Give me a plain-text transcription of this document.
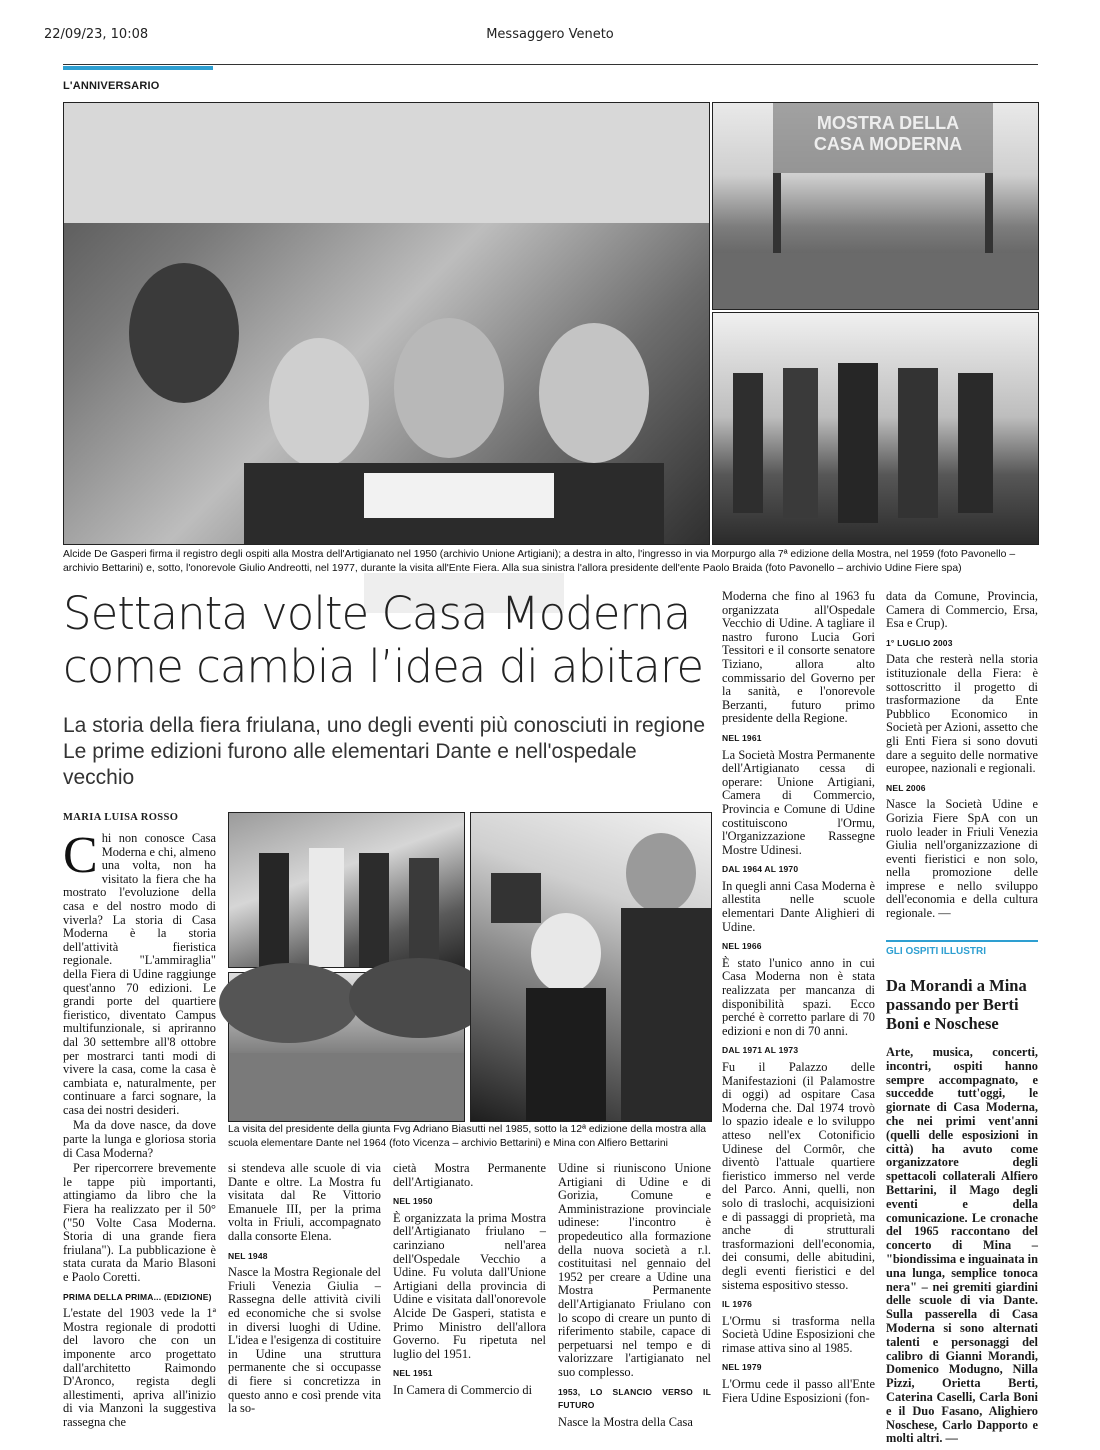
22/09/23, 10:08	Messaggero Veneto
L'ANNIVERSARIO
MOSTRA DELLA CASA MODERNA
Alcide De Gasperi firma il registro degli ospiti alla Mostra dell'Artigianato nel 1950 (archivio Unione Artigiani); a destra in alto, l'ingresso in via Morpurgo alla 7ª edizione della Mostra, nel 1959 (foto Pavonello – archivio Bettarini) e, sotto, l'onorevole Giulio Andreotti, nel 1977, durante la visita all'Ente Fiera. Alla sua sinistra l'allora presidente dell'ente Paolo Braida (foto Pavonello – archivio Udine Fiere spa)
Settanta volte Casa Moderna
come cambia l’idea di abitare
La storia della fiera friulana, uno degli eventi più conosciuti in regione
Le prime edizioni furono alle elementari Dante e nell'ospedale vecchio
MARIA LUISA ROSSO
C hi non conosce Casa Moderna e chi, almeno una volta, non ha visitato la fiera che ha mostrato l'evoluzione della casa e del nostro modo di viverla? La storia di Casa Moderna è la storia dell'attività fieristica regionale. "L'ammiraglia" della Fiera di Udine raggiunge quest'anno 70 edizioni. Le grandi porte del quartiere fieristico, diventato Campus multifunzionale, si apriranno dal 30 settembre all'8 ottobre per mostrarci tanti modi di vivere la casa, come la casa è cambiata e, naturalmente, per continuare a farci sognare, la casa dei nostri desideri.

Ma da dove nasce, da dove parte la lunga e gloriosa storia di Casa Moderna?

Per ripercorrere brevemente le tappe più importanti, attingiamo da libro che la Fiera ha realizzato per il 50° ("50 Volte Casa Moderna. Storia di una grande fiera friulana"). La pubblicazione è stata curata da Mario Blasoni e Paolo Coretti.

PRIMA DELLA PRIMA... (EDIZIONE)

L'estate del 1903 vede la 1ª Mostra regionale di prodotti del lavoro che con un imponente arco progettato dall'architetto Raimondo D'Aronco, regista degli allestimenti, apriva all'inizio di via Manzoni la suggestiva rassegna che

La visita del presidente della giunta Fvg Adriano Biasutti nel 1985, sotto la 12ª edizione della mostra alla scuola elementare Dante nel 1964 (foto Vicenza – archivio Bettarini) e Mina con Alfiero Bettarini

si stendeva alle scuole di via Dante e oltre. La Mostra fu visitata dal Re Vittorio Emanuele III, per la prima volta in Friuli, accompagnato dalla consorte Elena.

NEL 1948

Nasce la Mostra Regionale del Friuli Venezia Giulia – Rassegna delle attività civili ed economiche che si svolse in diversi luoghi di Udine. L'idea e l'esigenza di costituire in Udine una struttura permanente che si occupasse di fiere si concretizza in questo anno e così prende vita la so-

cietà Mostra Permanente dell'Artigianato.

NEL 1950

È organizzata la prima Mostra dell'Artigianato friulano – carinziano nell'area dell'Ospedale Vecchio a Udine. Fu voluta dall'Unione Artigiani della provincia di Udine e visitata dall'onorevole Alcide De Gasperi, statista e Primo Ministro dell'allora Governo. Fu ripetuta nel luglio del 1951.

NEL 1951

In Camera di Commercio di

Udine si riuniscono Unione Artigiani di Udine e di Gorizia, Comune e Amministrazione provinciale udinese: l'incontro è propedeutico alla formazione della nuova società a r.l. costituitasi nel gennaio del 1952 per creare a Udine una Mostra Permanente dell'Artigianato Friulano con lo scopo di creare un punto di riferimento stabile, capace di perpetuarsi nel tempo e di valorizzare l'artigianato nel suo complesso.

1953, LO SLANCIO VERSO IL FUTURO

Nasce la Mostra della Casa

Moderna che fino al 1963 fu organizzata all'Ospedale Vecchio di Udine. A tagliare il nastro furono Lucia Gori Tessitori e il consorte senatore Tiziano, allora alto commissario del Governo per la sanità, e l'onorevole Berzanti, futuro primo presidente della Regione.

NEL 1961

La Società Mostra Permanente dell'Artigianato cessa di operare: Unione Artigiani, Camera di Commercio, Provincia e Comune di Udine costituiscono l'Ormu, l'Organizzazione Rassegne Mostre Udinesi.

DAL 1964 AL 1970

In quegli anni Casa Moderna è allestita nelle scuole elementari Dante Alighieri di Udine.

NEL 1966

È stato l'unico anno in cui Casa Moderna non è stata realizzata per mancanza di disponibilità spazi. Ecco perché è corretto parlare di 70 edizioni e non di 70 anni.

DAL 1971 AL 1973

Fu il Palazzo delle Manifestazioni (il Palamostre di oggi) ad ospitare Casa Moderna che. Dal 1974 trovò lo spazio ideale e lo sviluppo atteso nell'ex Cotonificio Udinese del Cormôr, che diventò l'attuale quartiere fieristico immerso nel verde del Parco. Anni, quelli, non solo di traslochi, acquisizioni e di passaggi di proprietà, ma anche di strutturali trasformazioni dell'economia, dei consumi, delle abitudini, degli eventi fieristici e del sistema espositivo stesso.

IL 1976

L'Ormu si trasforma nella Società Udine Esposizioni che rimase attiva sino al 1985.

NEL 1979

L'Ormu cede il passo all'Ente Fiera Udine Esposizioni (fon-

data da Comune, Provincia, Camera di Commercio, Ersa, Esa e Crup).

1° LUGLIO 2003

Data che resterà nella storia istituzionale della Fiera: è sottoscritto il progetto di trasformazione da Ente Pubblico Economico in Società per Azioni, assetto che gli Enti Fiera si sono dovuti dare a seguito delle normative europee, nazionali e regionali.

NEL 2006

Nasce la Società Udine e Gorizia Fiere SpA con un ruolo leader in Friuli Venezia Giulia nell'organizzazione di eventi fieristici e non solo, nella promozione delle imprese e nello sviluppo dell'economia e della cultura regionale. —

GLI OSPITI ILLUSTRI
Da Morandi a Mina passando per Berti Boni e Noschese
Arte, musica, concerti, incontri, ospiti hanno sempre accompagnato, e succedde tutt'oggi, le giornate di Casa Moderna, che nei primi vent'anni (quelli delle esposizioni in città) ha avuto come organizzatore degli spettacoli collaterali Alfiero Bettarini, il Mago degli eventi e della comunicazione. Le cronache del 1965 raccontano del concerto di Mina – "biondissima e inguainata in una lunga, semplice tonoca nera" – nei gremiti giardini delle scuole di via Dante. Sulla passerella di Casa Moderna si sono alternati talenti e personaggi del calibro di Gianni Morandi, Domenico Modugno, Nilla Pizzi, Orietta Berti, Caterina Caselli, Carla Boni e il Duo Fasano, Alighiero Noschese, Carlo Dapporto e molti altri. —
